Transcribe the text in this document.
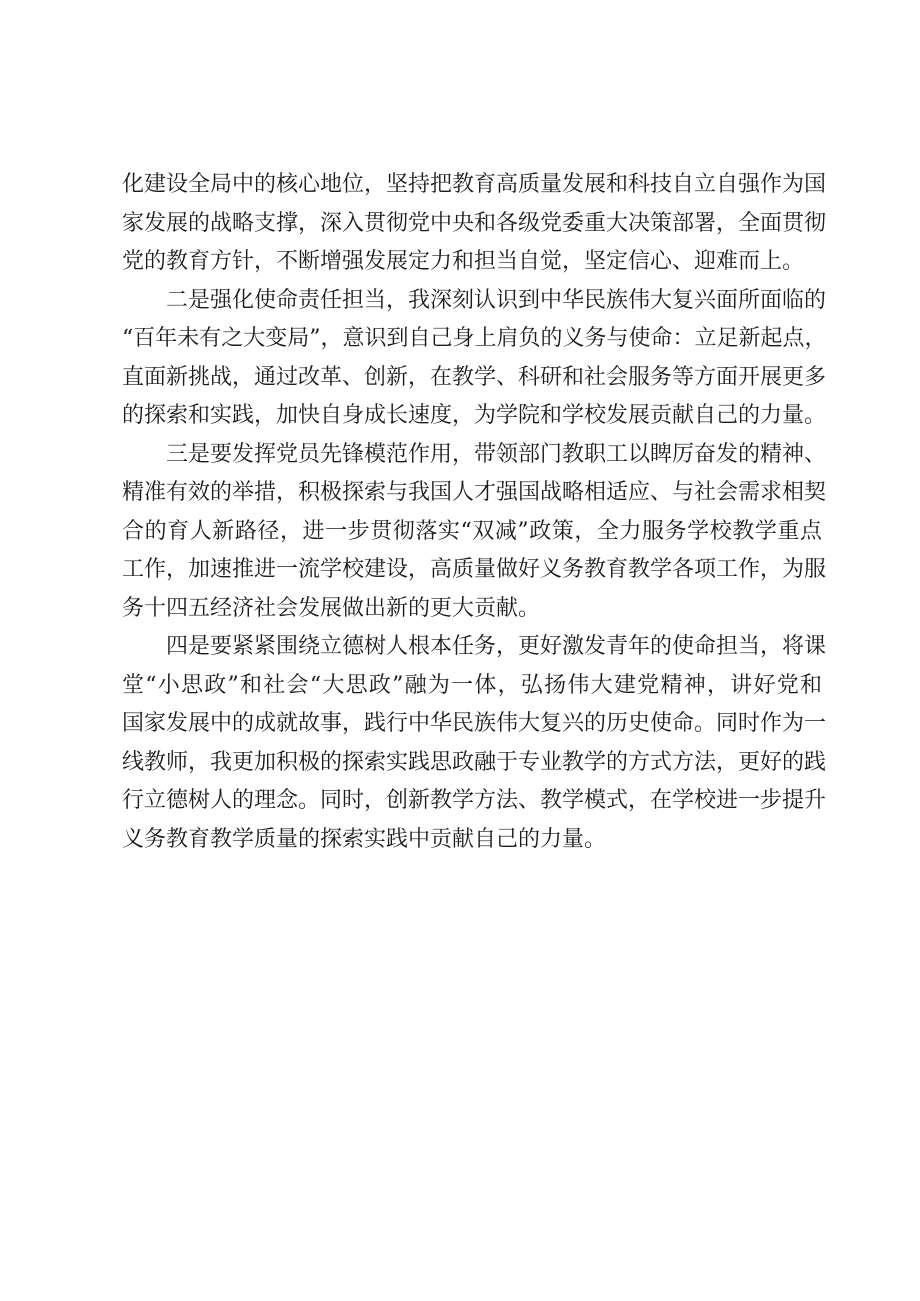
化建设全局中的核心地位，坚持把教育高质量发展和科技自立自强作为国
家发展的战略支撑，深入贯彻党中央和各级党委重大决策部署，全面贯彻
党的教育方针，不断增强发展定力和担当自觉，坚定信心、迎难而上。
二是强化使命责任担当，我深刻认识到中华民族伟大复兴面所面临的
“百年未有之大变局”，意识到自己身上肩负的义务与使命：立足新起点，
直面新挑战，通过改革、创新，在教学、科研和社会服务等方面开展更多
的探索和实践，加快自身成长速度，为学院和学校发展贡献自己的力量。
三是要发挥党员先锋模范作用，带领部门教职工以睥厉奋发的精神、
精准有效的举措，积极探索与我国人才强国战略相适应、与社会需求相契
合的育人新路径，进一步贯彻落实“双减”政策，全力服务学校教学重点
工作，加速推进一流学校建设，高质量做好义务教育教学各项工作，为服
务十四五经济社会发展做出新的更大贡献。
四是要紧紧围绕立德树人根本任务，更好激发青年的使命担当，将课
堂“小思政”和社会“大思政”融为一体，弘扬伟大建党精神，讲好党和
国家发展中的成就故事，践行中华民族伟大复兴的历史使命。同时作为一
线教师，我更加积极的探索实践思政融于专业教学的方式方法，更好的践
行立德树人的理念。同时，创新教学方法、教学模式，在学校进一步提升
义务教育教学质量的探索实践中贡献自己的力量。
